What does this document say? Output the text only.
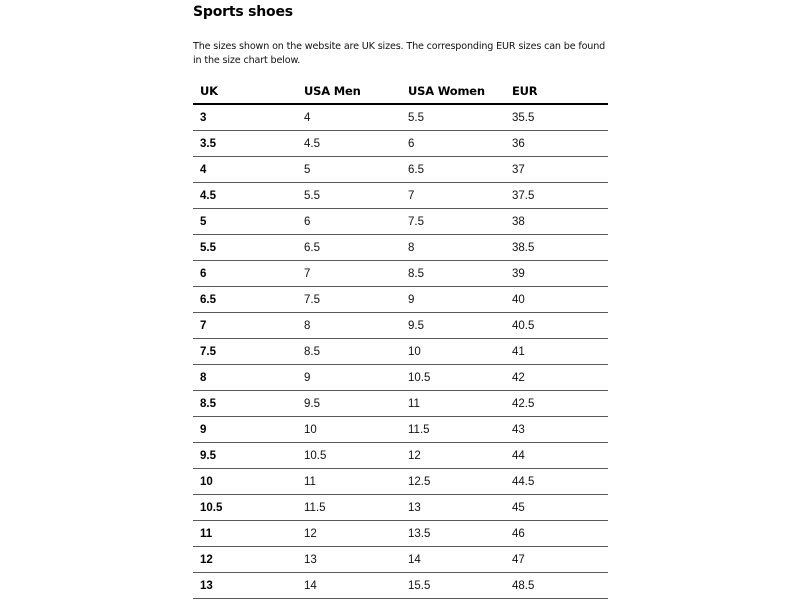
Sports shoes
The sizes shown on the website are UK sizes. The corresponding EUR sizes can be found in the size chart below.
UK	USA Men	USA Women	EUR
3	4	5.5	35.5
3.5	4.5	6	36
4	5	6.5	37
4.5	5.5	7	37.5
5	6	7.5	38
5.5	6.5	8	38.5
6	7	8.5	39
6.5	7.5	9	40
7	8	9.5	40.5
7.5	8.5	10	41
8	9	10.5	42
8.5	9.5	11	42.5
9	10	11.5	43
9.5	10.5	12	44
10	11	12.5	44.5
10.5	11.5	13	45
11	12	13.5	46
12	13	14	47
13	14	15.5	48.5
